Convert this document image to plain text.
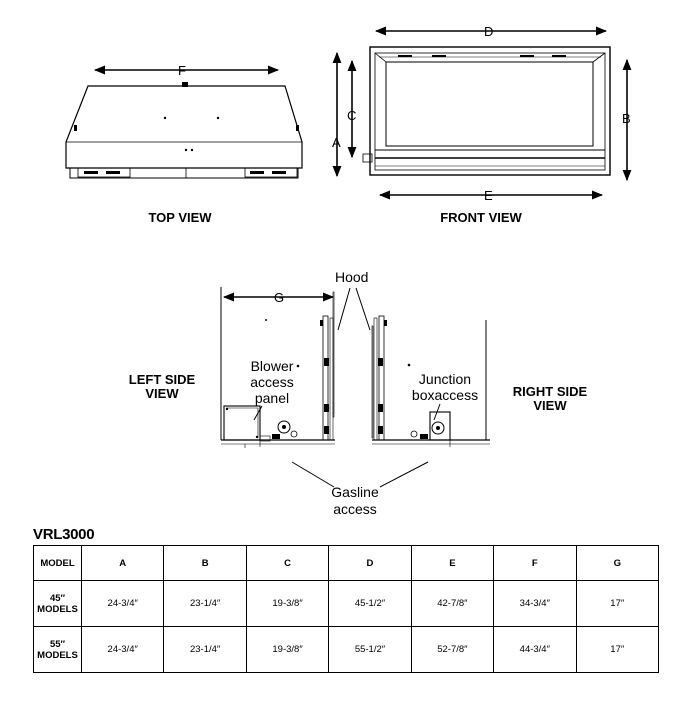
F
TOP VIEW
D
A
C	B
E
FRONT VIEW
G
LEFT SIDE
VIEW	RIGHT SIDE
VIEW
Hood
Blower
access
panel
Junction
boxaccess
Gasline
access
VRL3000
MODEL	A	B	C	D	E	F	G

45″
MODELS	24-3/4″	23-1/4″	19-3/8″	45-1/2″	42-7/8″	34-3/4″	17″

55″
MODELS	24-3/4″	23-1/4″	19-3/8″	55-1/2″	52-7/8″	44-3/4″	17″
